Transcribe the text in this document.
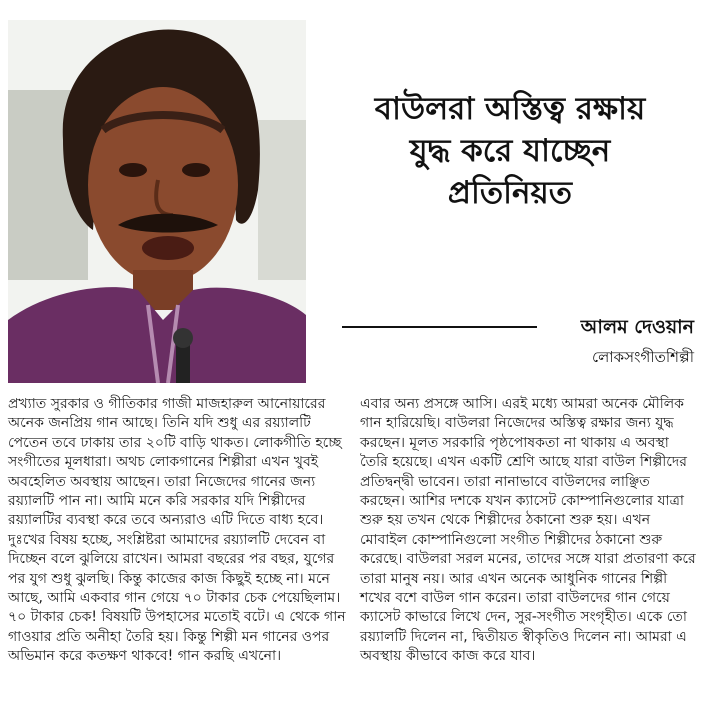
বাউলরা অস্তিত্ব রক্ষায়
যুদ্ধ করে যাচ্ছেন
প্রতিনিয়ত
আলম দেওয়ান
লোকসংগীতশিল্পী

প্রখ্যাত সুরকার ও গীতিকার গাজী মাজহারুল আনোয়ারের অনেক জনপ্রিয় গান আছে। তিনি যদি শুধু এর রয়্যালটি পেতেন তবে ঢাকায় তার ২০টি বাড়ি থাকত। লোকগীতি হচ্ছে সংগীতের মূলধারা। অথচ লোকগানের শিল্পীরা এখন খুবই অবহেলিত অবস্থায় আছেন। তারা নিজেদের গানের জন্য রয়্যালটি পান না। আমি মনে করি সরকার যদি শিল্পীদের রয়্যালটির ব্যবস্থা করে তবে অন্যরাও এটি দিতে বাধ্য হবে। দুঃখের বিষয় হচ্ছে, সংশ্লিষ্টরা আমাদের রয়্যালটি দেবেন বা দিচ্ছেন বলে ঝুলিয়ে রাখেন। আমরা বছরের পর বছর, যুগের পর যুগ শুধু ঝুলছি। কিন্তু কাজের কাজ কিছুই হচ্ছে না। মনে আছে, আমি একবার গান গেয়ে ৭০ টাকার চেক পেয়েছিলাম। ৭০ টাকার চেক! বিষয়টি উপহাসের মতোই বটে। এ থেকে গান গাওয়ার প্রতি অনীহা তৈরি হয়। কিন্তু শিল্পী মন গানের ওপর অভিমান করে কতক্ষণ থাকবে! গান করছি এখনো।

এবার অন্য প্রসঙ্গে আসি। এরই মধ্যে আমরা অনেক মৌলিক গান হারিয়েছি। বাউলরা নিজেদের অস্তিত্ব রক্ষার জন্য যুদ্ধ করছেন। মূলত সরকারি পৃষ্ঠপোষকতা না থাকায় এ অবস্থা তৈরি হয়েছে। এখন একটি শ্রেণি আছে যারা বাউল শিল্পীদের প্রতিদ্বন্দ্বী ভাবেন। তারা নানাভাবে বাউলদের লাঞ্ছিত করছেন। আশির দশকে যখন ক্যাসেট কোম্পানিগুলোর যাত্রা শুরু হয় তখন থেকে শিল্পীদের ঠকানো শুরু হয়। এখন মোবাইল কোম্পানিগুলো সংগীত শিল্পীদের ঠকানো শুরু করেছে। বাউলরা সরল মনের, তাদের সঙ্গে যারা প্রতারণা করে তারা মানুষ নয়। আর এখন অনেক আধুনিক গানের শিল্পী শখের বশে বাউল গান করেন। তারা বাউলদের গান গেয়ে ক্যাসেট কাভারে লিখে দেন, সুর-সংগীত সংগৃহীত। একে তো রয়্যালটি দিলেন না, দ্বিতীয়ত স্বীকৃতিও দিলেন না। আমরা এ অবস্থায় কীভাবে কাজ করে যাব।
